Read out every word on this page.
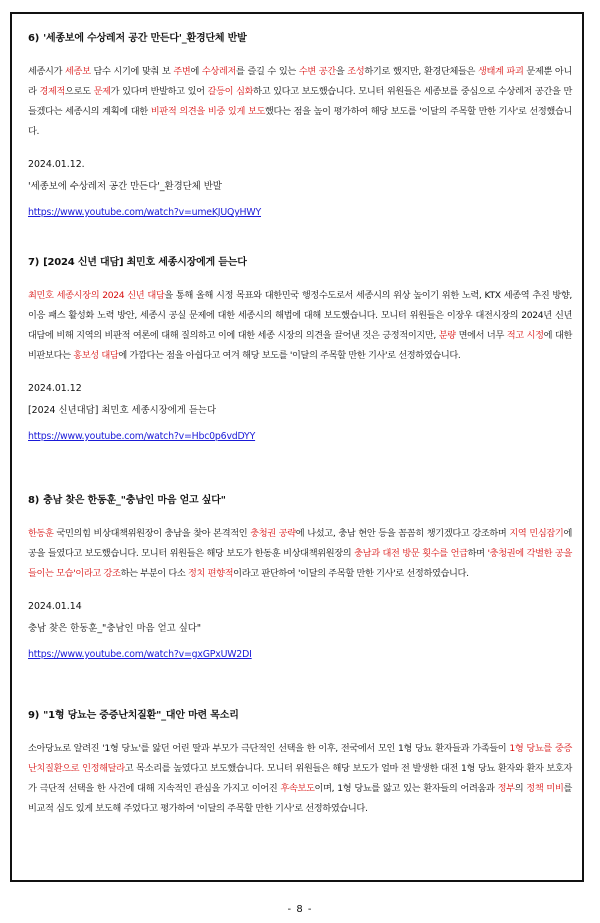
6) '세종보에 수상레저 공간 만든다'_환경단체 반발

세종시가 세종보 담수 시기에 맞춰 보 주변에 수상레저를 즐길 수 있는 수변 공간을 조성하기로 했지만, 환경단체들은 생태계 파괴 문제뿐 아니라 경제적으로도 문제가 있다며 반발하고 있어 갈등이 심화하고 있다고 보도했습니다. 모니터 위원들은 세종보를 중심으로 수상레저 공간을 만들겠다는 세종시의 계획에 대한 비판적 의견을 비중 있게 보도했다는 점을 높이 평가하여 해당 보도를 '이달의 주목할 만한 기사'로 선정했습니다.

2024.01.12.
'세종보에 수상레저 공간 만든다'_환경단체 반발
https://www.youtube.com/watch?v=umeKJUQyHWY
7) [2024 신년 대담] 최민호 세종시장에게 듣는다

최민호 세종시장의 2024 신년 대담을 통해 올해 시정 목표와 대한민국 행정수도로서 세종시의 위상 높이기 위한 노력, KTX 세종역 추진 방향, 이응 패스 활성화 노력 방안, 세종시 공실 문제에 대한 세종시의 해법에 대해 보도했습니다. 모니터 위원들은 이장우 대전시장의 2024년 신년 대담에 비해 지역의 비판적 여론에 대해 질의하고 이에 대한 세종 시장의 의견을 끌어낸 것은 긍정적이지만, 분량 면에서 너무 적고 시정에 대한 비판보다는 홍보성 대담에 가깝다는 점을 아쉽다고 여겨 해당 보도를 '이달의 주목할 만한 기사'로 선정하였습니다.

2024.01.12
[2024 신년대담] 최민호 세종시장에게 듣는다
https://www.youtube.com/watch?v=Hbc0p6vdDYY
8) 충남 찾은 한동훈_"충남인 마음 얻고 싶다"

한동훈 국민의힘 비상대책위원장이 충남을 찾아 본격적인 충청권 공략에 나섰고, 충남 현안 등을 꼼꼼히 챙기겠다고 강조하며 지역 민심잡기에 공을 들였다고 보도했습니다. 모니터 위원들은 해당 보도가 한동훈 비상대책위원장의 충남과 대전 방문 횟수를 언급하며 '충청권에 각별한 공을 들이는 모습'이라고 강조하는 부분이 다소 정치 편향적이라고 판단하여 '이달의 주목할 만한 기사'로 선정하였습니다.

2024.01.14
충남 찾은 한동훈_"충남인 마음 얻고 싶다"
https://www.youtube.com/watch?v=gxGPxUW2DI
9) "1형 당뇨는 중증난치질환"_대안 마련 목소리

소아당뇨로 알려진 '1형 당뇨'를 앓던 어린 딸과 부모가 극단적인 선택을 한 이후, 전국에서 모인 1형 당뇨 환자들과 가족들이 1형 당뇨를 중증 난치질환으로 인정해달라고 목소리를 높였다고 보도했습니다. 모니터 위원들은 해당 보도가 얼마 전 발생한 대전 1형 당뇨 환자와 환자 보호자가 극단적 선택을 한 사건에 대해 지속적인 관심을 가지고 이어진 후속보도이며, 1형 당뇨를 앓고 있는 환자들의 어려움과 정부의 정책 미비를 비교적 심도 있게 보도해 주었다고 평가하여 '이달의 주목할 만한 기사'로 선정하였습니다.

- 8 -
